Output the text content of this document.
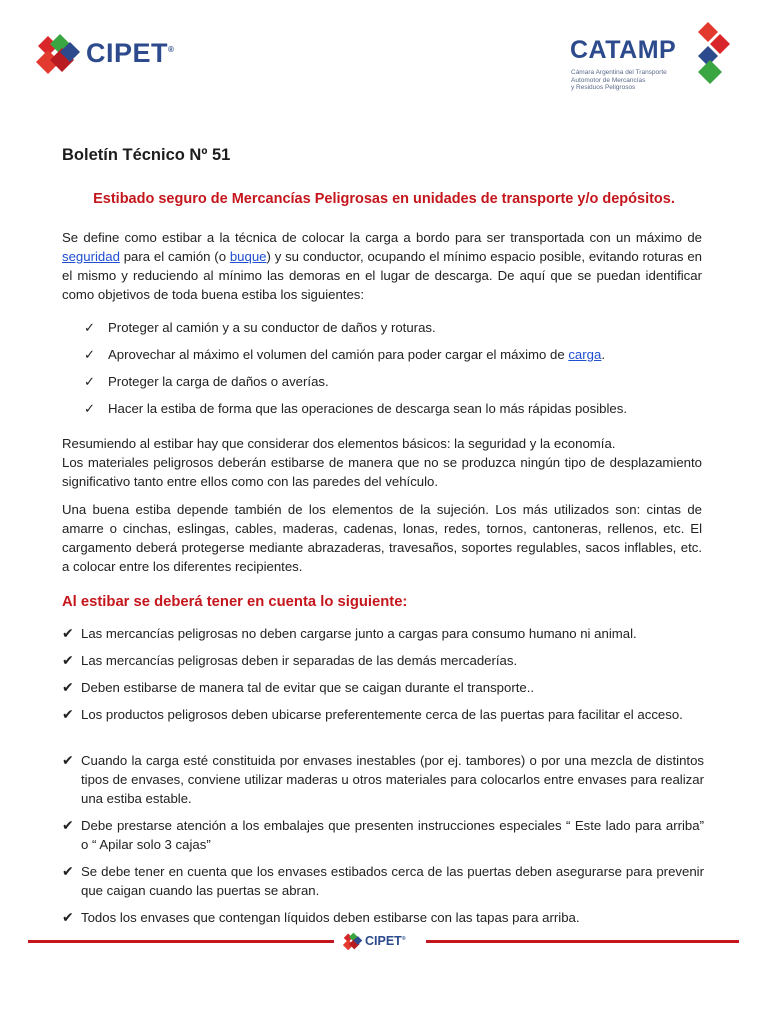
CIPET®	CATAMP
Cámara Argentina del Transporte
Automotor de Mercancías
y Residuos Peligrosos
Boletín Técnico Nº 51
Estibado seguro de Mercancías Peligrosas en unidades de transporte y/o depósitos.
Se define como estibar a la técnica de colocar la carga a bordo para ser transportada con un máximo de seguridad para el camión (o buque) y su conductor, ocupando el mínimo espacio posible, evitando roturas en el mismo y reduciendo al mínimo las demoras en el lugar de descarga. De aquí que se puedan identificar como objetivos de toda buena estiba los siguientes:
✓ Proteger al camión y a su conductor de daños y roturas.
✓ Aprovechar al máximo el volumen del camión para poder cargar el máximo de carga.
✓ Proteger la carga de daños o averías.
✓ Hacer la estiba de forma que las operaciones de descarga sean lo más rápidas posibles.
Resumiendo al estibar hay que considerar dos elementos básicos: la seguridad y la economía.
Los materiales peligrosos deberán estibarse de manera que no se produzca ningún tipo de desplazamiento significativo tanto entre ellos como con las paredes del vehículo.
Una buena estiba depende también de los elementos de la sujeción. Los más utilizados son: cintas de amarre o cinchas, eslingas, cables, maderas, cadenas, lonas, redes, tornos, cantoneras, rellenos, etc. El cargamento deberá protegerse mediante abrazaderas, travesaños, soportes regulables, sacos inflables, etc. a colocar entre los diferentes recipientes.
Al estibar se deberá tener en cuenta lo siguiente:
✔ Las mercancías peligrosas no deben cargarse junto a cargas para consumo humano ni animal.
✔ Las mercancías peligrosas deben ir separadas de las demás mercaderías.
✔ Deben estibarse de manera tal de evitar que se caigan durante el transporte..
✔ Los productos peligrosos deben ubicarse preferentemente cerca de las puertas para facilitar el acceso.
✔ Cuando la carga esté constituida por envases inestables (por ej. tambores) o por una mezcla de distintos tipos de envases, conviene utilizar maderas u otros materiales para colocarlos entre envases para realizar una estiba estable.
✔ Debe prestarse atención a los embalajes que presenten instrucciones especiales “ Este lado para arriba” o “ Apilar solo 3 cajas”
✔ Se debe tener en cuenta que los envases estibados cerca de las puertas deben asegurarse para prevenir que caigan cuando las puertas se abran.
✔ Todos los envases que contengan líquidos deben estibarse con las tapas para arriba.
CIPET®
